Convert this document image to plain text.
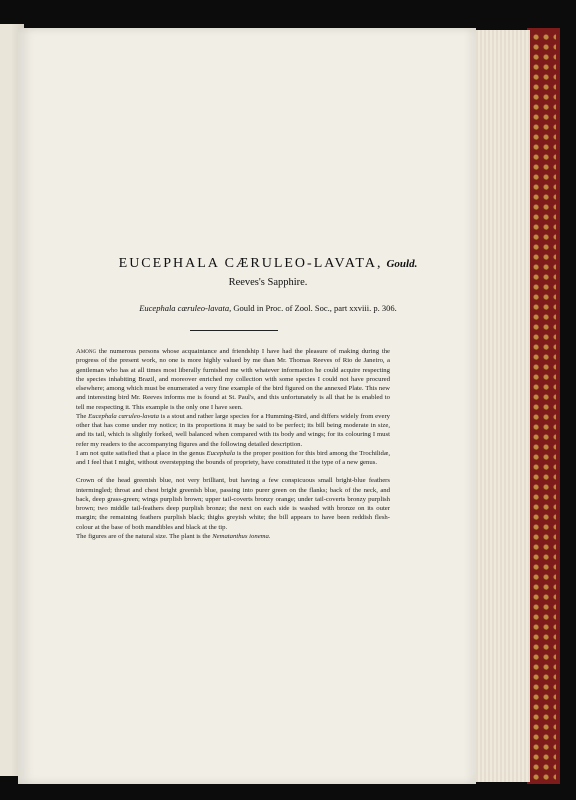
EUCEPHALA CÆRULEO-LAVATA, Gould.
Reeves's Sapphire.
Eucephala cæruleo-lavata, Gould in Proc. of Zool. Soc., part xxviii. p. 306.

Among the numerous persons whose acquaintance and friendship I have had the pleasure of making during the progress of the present work, no one is more highly valued by me than Mr. Thomas Reeves of Rio de Janeiro, a gentleman who has at all times most liberally furnished me with whatever information he could acquire respecting the species inhabiting Brazil, and moreover enriched my collection with some species I could not have procured elsewhere; among which must be enumerated a very fine example of the bird figured on the annexed Plate. This new and interesting bird Mr. Reeves informs me is found at St. Paul's, and this unfortunately is all that he is enabled to tell me respecting it. This example is the only one I have seen.

The Eucephala cæruleo-lavata is a stout and rather large species for a Humming-Bird, and differs widely from every other that has come under my notice; in its proportions it may be said to be perfect; its bill being moderate in size, and its tail, which is slightly forked, well balanced when compared with its body and wings; for its colouring I must refer my readers to the accompanying figures and the following detailed description.

I am not quite satisfied that a place in the genus Eucephala is the proper position for this bird among the Trochilidæ, and I feel that I might, without overstepping the bounds of propriety, have constituted it the type of a new genus.

Crown of the head greenish blue, not very brilliant, but having a few conspicuous small bright-blue feathers intermingled; throat and chest bright greenish blue, passing into purer green on the flanks; back of the neck, and back, deep grass-green; wings purplish brown; upper tail-coverts bronzy orange; under tail-coverts bronzy purplish brown; two middle tail-feathers deep purplish bronze; the next on each side is washed with bronze on its outer margin; the remaining feathers purplish black; thighs greyish white; the bill appears to have been reddish flesh-colour at the base of both mandibles and black at the tip.

The figures are of the natural size. The plant is the Nematanthus ionema.
